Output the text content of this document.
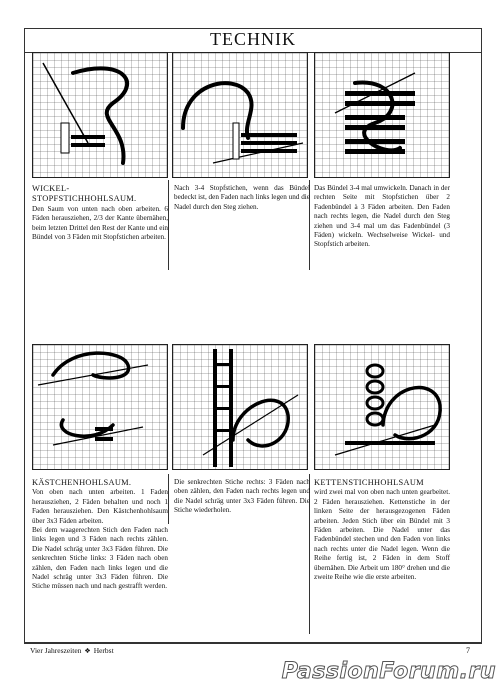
TECHNIK
WICKEL-
STOPFSTICHHOHLSAUM.
Den Saum von unten nach oben arbeiten. 6 Fäden herausziehen, 2/3 der Kante übernähen, beim letzten Drittel den Rest der Kante und ein Bündel von 3 Fäden mit Stopfstichen arbeiten.
Nach 3-4 Stopfstichen, wenn das Bündel bedeckt ist, den Faden nach links legen und die Nadel durch den Steg ziehen.
Das Bündel 3-4 mal umwickeln. Danach in der rechten Seite mit Stopfstichen über 2 Fadenbündel à 3 Fäden arbeiten. Den Faden nach rechts legen, die Nadel durch den Steg ziehen und 3-4 mal um das Fadenbündel (3 Fäden) wickeln. Wechselweise Wickel- und Stopfstich arbeiten.
KÄSTCHENHOHLSAUM.
Von oben nach unten arbeiten. 1 Faden herausziehen, 2 Fäden behalten und noch 1 Faden herausziehen. Den Kästchenhohlsaum über 3x3 Fäden arbeiten.
Bei dem waagerechten Stich den Faden nach links legen und 3 Fäden nach rechts zählen. Die Nadel schräg unter 3x3 Fäden führen. Die senkrechten Stiche links: 3 Fäden nach oben zählen, den Faden nach links legen und die Nadel schräg unter 3x3 Fäden führen. Die Stiche müssen nach und nach gestrafft werden.
Die senkrechten Stiche rechts: 3 Fäden nach oben zählen, den Faden nach rechts legen und die Nadel schräg unter 3x3 Fäden führen. Die Stiche wiederholen.
KETTENSTICHHOHLSAUM
wird zwei mal von oben nach unten gearbeitet. 2 Fäden herausziehen. Kettenstiche in der linken Seite der herausgezogenen Fäden arbeiten. Jeden Stich über ein Bündel mit 3 Fäden arbeiten. Die Nadel unter das Fadenbündel stechen und den Faden von links nach rechts unter die Nadel legen. Wenn die Reihe fertig ist, 2 Fäden in dem Stoff übernähen. Die Arbeit um 180° drehen und die zweite Reihe wie die erste arbeiten.
Vier Jahreszeiten ❖ Herbst	7
PassionForum.ru
